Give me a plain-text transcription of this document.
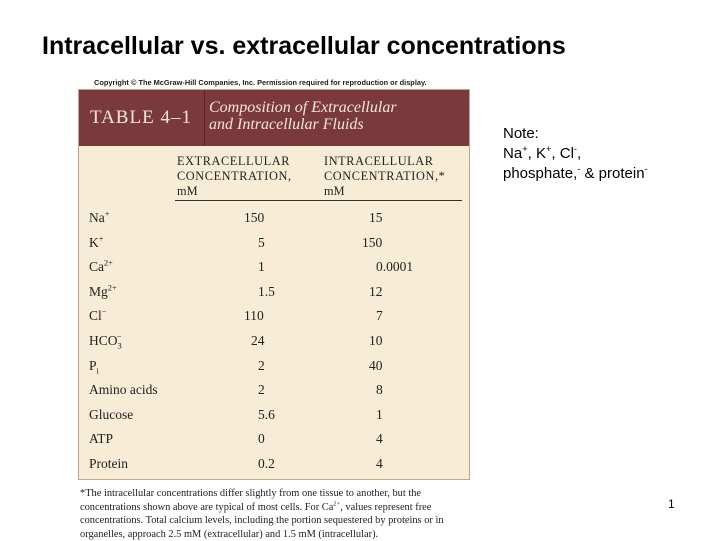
Intracellular vs. extracellular concentrations
Copyright © The McGraw-Hill Companies, Inc. Permission required for reproduction or display.
TABLE 4–1	Composition of Extracellular
and Intracellular Fluids
EXTRACELLULAR
CONCENTRATION,
mM
INTRACELLULAR
CONCENTRATION,*
mM
Na+	150	15
K+	5	150
$Ca^{2+}$	1	0.0001
$Mg^{2+}$	1.5	12
Cl−	110	7
$HCO_3^-$	24	10
$P_i$	2	40
Amino acids	2	8
Glucose	5.6	1
ATP	0	4
Protein	0.2	4
*The intracellular concentrations differ slightly from one tissue to another, but the concentrations shown above are typical of most cells. For $Ca^{2+}$, values represent free concentrations. Total calcium levels, including the portion sequestered by proteins or in organelles, approach 2.5 mM (extracellular) and 1.5 mM (intracellular).
Note:
Na+, K+, Cl-,
phosphate,- & protein-
1
